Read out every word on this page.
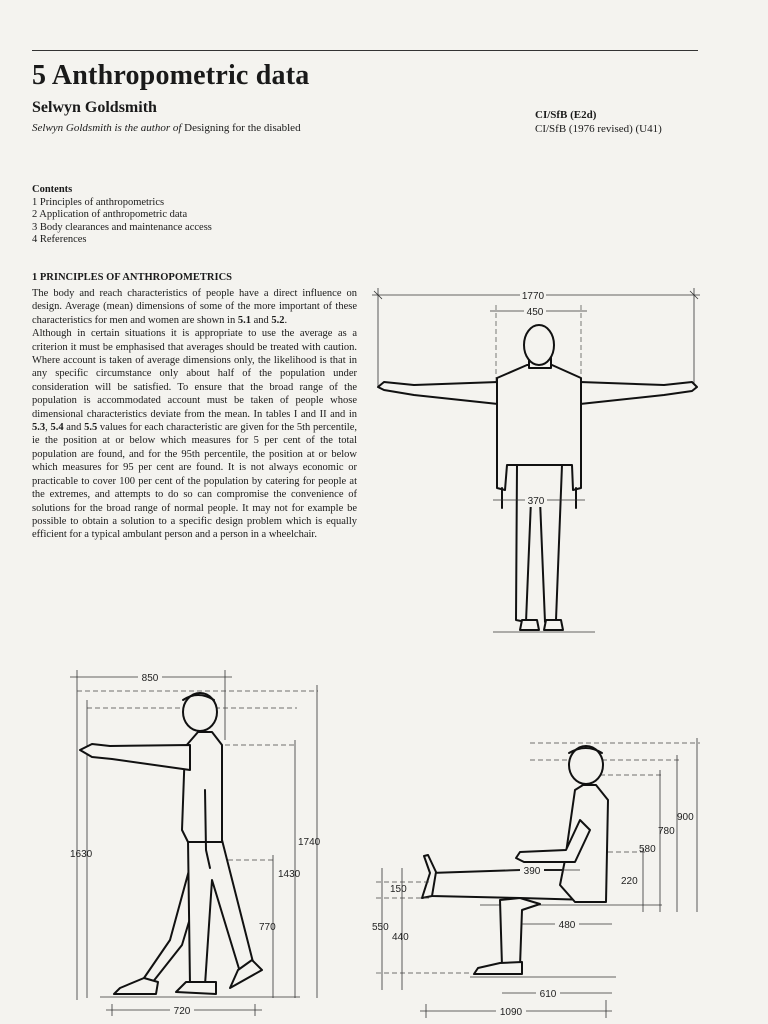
5 Anthropometric data
Selwyn Goldsmith
Selwyn Goldsmith is the author of Designing for the disabled
CI/SfB (E2d)
CI/SfB (1976 revised) (U41)
Contents
1 Principles of anthropometrics
2 Application of anthropometric data
3 Body clearances and maintenance access
4 References
1 PRINCIPLES OF ANTHROPOMETRICS

The body and reach characteristics of people have a direct influence on design. Average (mean) dimensions of some of the more important of these characteristics for men and women are shown in 5.1 and 5.2.

Although in certain situations it is appropriate to use the average as a criterion it must be emphasised that averages should be treated with caution. Where account is taken of average dimensions only, the likelihood is that in any specific circumstance only about half of the population under consideration will be satisfied. To ensure that the broad range of the population is accommodated account must be taken of people whose dimensional characteristics deviate from the mean. In tables I and II and in 5.3, 5.4 and 5.5 values for each characteristic are given for the 5th percentile, ie the position at or below which measures for 5 per cent of the total population are found, and for the 95th percentile, the position at or below which measures for 95 per cent are found. It is not always economic or practicable to cover 100 per cent of the population by catering for people at the extremes, and attempts to do so can compromise the convenience of solutions for the broad range of normal people. It may not for example be possible to obtain a solution to a specific design problem which is equally efficient for a typical ambulant person and a person in a wheelchair.

1770
450
370
850
1630
1740
1430
770
720
900
780
580
220
390
150
550
440
480
610
1090
